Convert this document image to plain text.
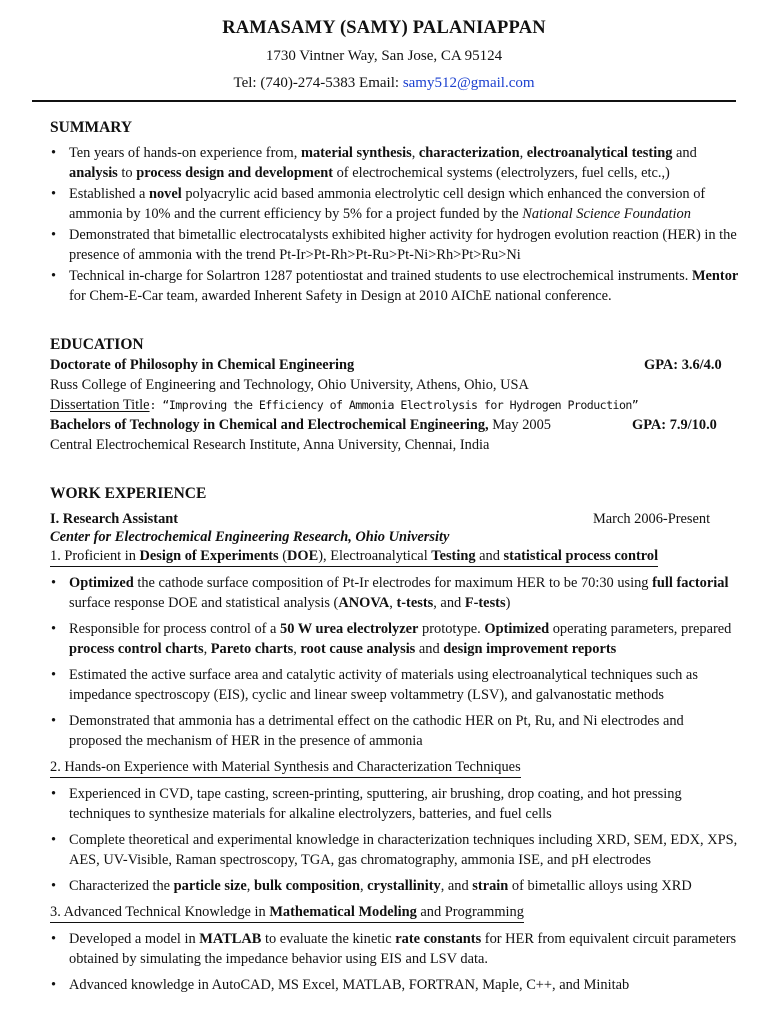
RAMASAMY (SAMY) PALANIAPPAN
1730 Vintner Way, San Jose, CA 95124
Tel: (740)-274-5383 Email: samy512@gmail.com
SUMMARY
• Ten years of hands-on experience from, material synthesis, characterization, electroanalytical testing and analysis to process design and development of electrochemical systems (electrolyzers, fuel cells, etc.,)
• Established a novel polyacrylic acid based ammonia electrolytic cell design which enhanced the conversion of ammonia by 10% and the current efficiency by 5% for a project funded by the National Science Foundation
• Demonstrated that bimetallic electrocatalysts exhibited higher activity for hydrogen evolution reaction (HER) in the presence of ammonia with the trend Pt-Ir>Pt-Rh>Pt-Ru>Pt-Ni>Rh>Pt>Ru>Ni
• Technical in-charge for Solartron 1287 potentiostat and trained students to use electrochemical instruments. Mentor for Chem-E-Car team, awarded Inherent Safety in Design at 2010 AIChE national conference.
EDUCATION
Doctorate of Philosophy in Chemical Engineering	GPA: 3.6/4.0
Russ College of Engineering and Technology, Ohio University, Athens, Ohio, USA
Dissertation Title: “Improving the Efficiency of Ammonia Electrolysis for Hydrogen Production”
Bachelors of Technology in Chemical and Electrochemical Engineering, May 2005	GPA: 7.9/10.0
Central Electrochemical Research Institute, Anna University, Chennai, India
WORK EXPERIENCE
I. Research Assistant	March 2006-Present
Center for Electrochemical Engineering Research, Ohio University
1. Proficient in Design of Experiments (DOE), Electroanalytical Testing and statistical process control
• Optimized the cathode surface composition of Pt-Ir electrodes for maximum HER to be 70:30 using full factorial surface response DOE and statistical analysis (ANOVA, t-tests, and F-tests)
• Responsible for process control of a 50 W urea electrolyzer prototype. Optimized operating parameters, prepared process control charts, Pareto charts, root cause analysis and design improvement reports
• Estimated the active surface area and catalytic activity of materials using electroanalytical techniques such as impedance spectroscopy (EIS), cyclic and linear sweep voltammetry (LSV), and galvanostatic methods
• Demonstrated that ammonia has a detrimental effect on the cathodic HER on Pt, Ru, and Ni electrodes and proposed the mechanism of HER in the presence of ammonia
2. Hands-on Experience with Material Synthesis and Characterization Techniques
• Experienced in CVD, tape casting, screen-printing, sputtering, air brushing, drop coating, and hot pressing techniques to synthesize materials for alkaline electrolyzers, batteries, and fuel cells
• Complete theoretical and experimental knowledge in characterization techniques including XRD, SEM, EDX, XPS, AES, UV-Visible, Raman spectroscopy, TGA, gas chromatography, ammonia ISE, and pH electrodes
• Characterized the particle size, bulk composition, crystallinity, and strain of bimetallic alloys using XRD
3. Advanced Technical Knowledge in Mathematical Modeling and Programming
• Developed a model in MATLAB to evaluate the kinetic rate constants for HER from equivalent circuit parameters obtained by simulating the impedance behavior using EIS and LSV data.
• Advanced knowledge in AutoCAD, MS Excel, MATLAB, FORTRAN, Maple, C++, and Minitab
